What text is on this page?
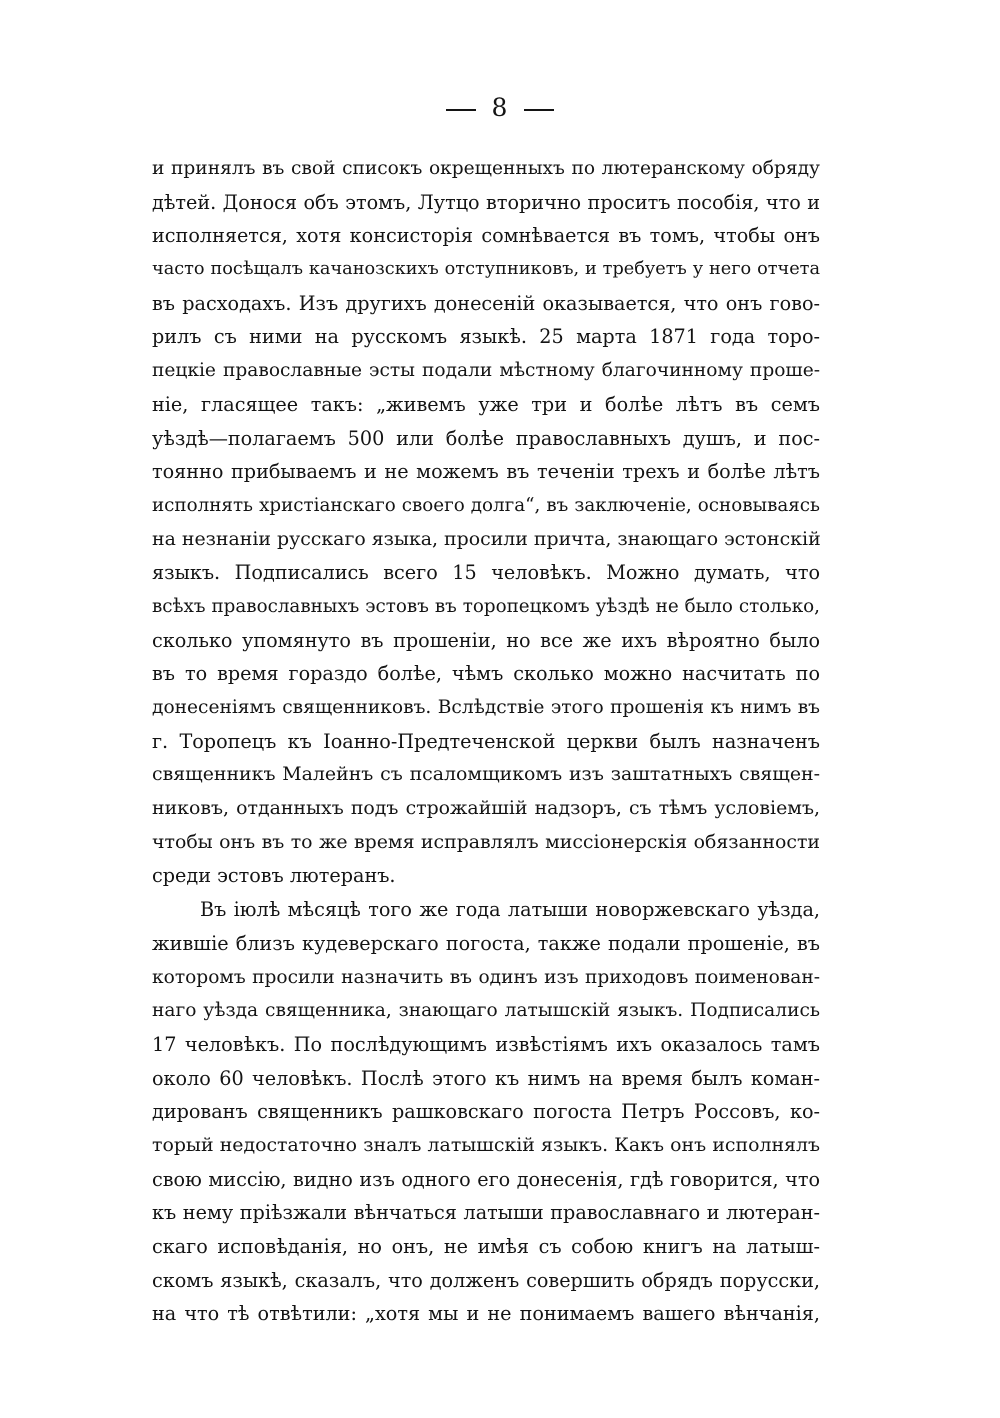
8
и принялъ въ свой списокъ окрещенныхъ по лютеранскому обряду
дѣтей. Донося объ этомъ, Лутцо вторично проситъ пособія, что и
исполняется, хотя консисторія сомнѣвается въ томъ, чтобы онъ
часто посѣщалъ качанозскихъ отступниковъ, и требуетъ у него отчета
въ расходахъ. Изъ другихъ донесеній оказывается, что онъ гово-
рилъ съ ними на русскомъ языкѣ. 25 марта 1871 года торо-
пецкіе православные эсты подали мѣстному благочинному проше-
ніе, гласящее такъ: „живемъ уже три и болѣе лѣтъ въ семъ
уѣздѣ—полагаемъ 500 или болѣе православныхъ душъ, и пос-
тоянно прибываемъ и не можемъ въ теченіи трехъ и болѣе лѣтъ
исполнять христіанскаго своего долга“, въ заключеніе, основываясь
на незнаніи русскаго языка, просили причта, знающаго эстонскій
языкъ. Подписались всего 15 человѣкъ. Можно думать, что
всѣхъ православныхъ эстовъ въ торопецкомъ уѣздѣ не было столько,
сколько упомянуто въ прошеніи, но все же ихъ вѣроятно было
въ то время гораздо болѣе, чѣмъ сколько можно насчитать по
донесеніямъ священниковъ. Вслѣдствіе этого прошенія къ нимъ въ
г. Торопецъ къ Іоанно-Предтеченской церкви былъ назначенъ
священникъ Малейнъ съ псаломщикомъ изъ заштатныхъ священ-
никовъ, отданныхъ подъ строжайшій надзоръ, съ тѣмъ условіемъ,
чтобы онъ въ то же время исправлялъ миссіонерскія обязанности
среди эстовъ лютеранъ.
Въ іюлѣ мѣсяцѣ того же года латыши новоржевскаго уѣзда,
жившіе близъ кудеверскаго погоста, также подали прошеніе, въ
которомъ просили назначить въ одинъ изъ приходовъ поименован-
наго уѣзда священника, знающаго латышскій языкъ. Подписались
17 человѣкъ. По послѣдующимъ извѣстіямъ ихъ оказалось тамъ
около 60 человѣкъ. Послѣ этого къ нимъ на время былъ коман-
дированъ священникъ рашковскаго погоста Петръ Россовъ, ко-
торый недостаточно зналъ латышскій языкъ. Какъ онъ исполнялъ
свою миссію, видно изъ одного его донесенія, гдѣ говорится, что
къ нему пріѣзжали вѣнчаться латыши православнаго и лютеран-
скаго исповѣданія, но онъ, не имѣя съ собою книгъ на латыш-
скомъ языкѣ, сказалъ, что долженъ совершить обрядъ порусски,
на что тѣ отвѣтили: „хотя мы и не понимаемъ вашего вѣнчанія,
